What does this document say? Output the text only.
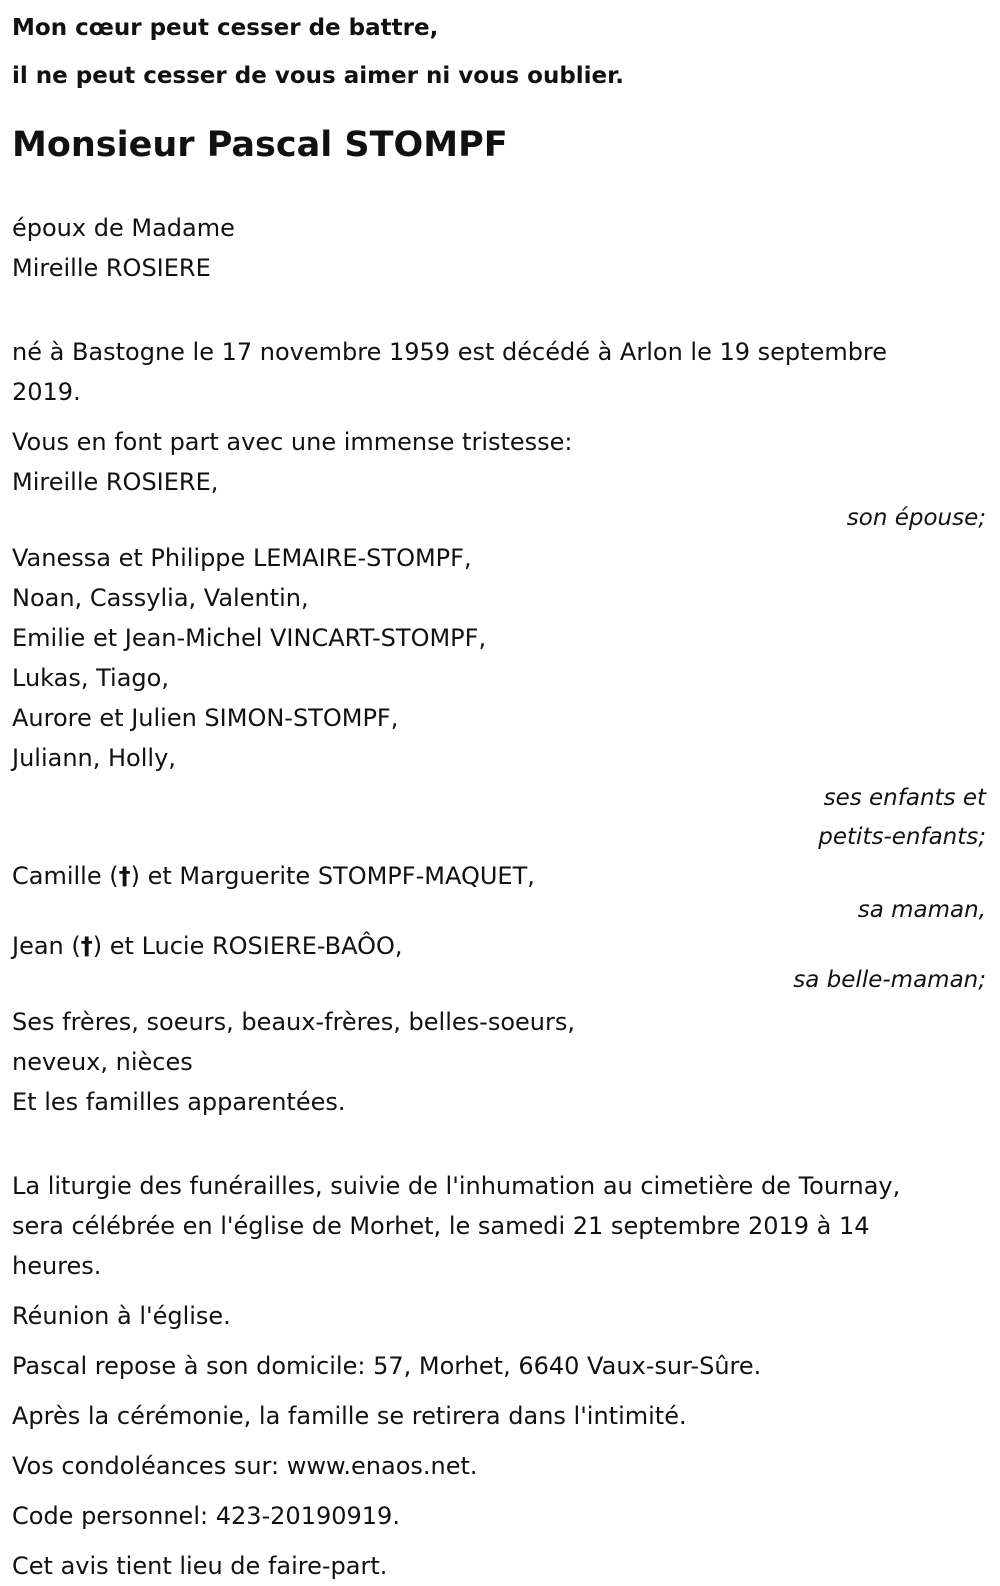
Mon cœur peut cesser de battre,
il ne peut cesser de vous aimer ni vous oublier.
Monsieur Pascal STOMPF

époux de Madame

Mireille ROSIERE

né à Bastogne le 17 novembre 1959 est décédé à Arlon le 19 septembre

2019.

Vous en font part avec une immense tristesse:

Mireille ROSIERE,

son épouse;

Vanessa et Philippe LEMAIRE-STOMPF,

Noan, Cassylia, Valentin,

Emilie et Jean-Michel VINCART-STOMPF,

Lukas, Tiago,

Aurore et Julien SIMON-STOMPF,

Juliann, Holly,

ses enfants et

petits-enfants;

Camille (†) et Marguerite STOMPF-MAQUET,

sa maman,

Jean (†) et Lucie ROSIERE-BAÔO,

sa belle-maman;

Ses frères, soeurs, beaux-frères, belles-soeurs,

neveux, nièces

Et les familles apparentées.

La liturgie des funérailles, suivie de l'inhumation au cimetière de Tournay,

sera célébrée en l'église de Morhet, le samedi 21 septembre 2019 à 14

heures.

Réunion à l'église.

Pascal repose à son domicile: 57, Morhet, 6640 Vaux-sur-Sûre.

Après la cérémonie, la famille se retirera dans l'intimité.

Vos condoléances sur: www.enaos.net.

Code personnel: 423-20190919.

Cet avis tient lieu de faire-part.
